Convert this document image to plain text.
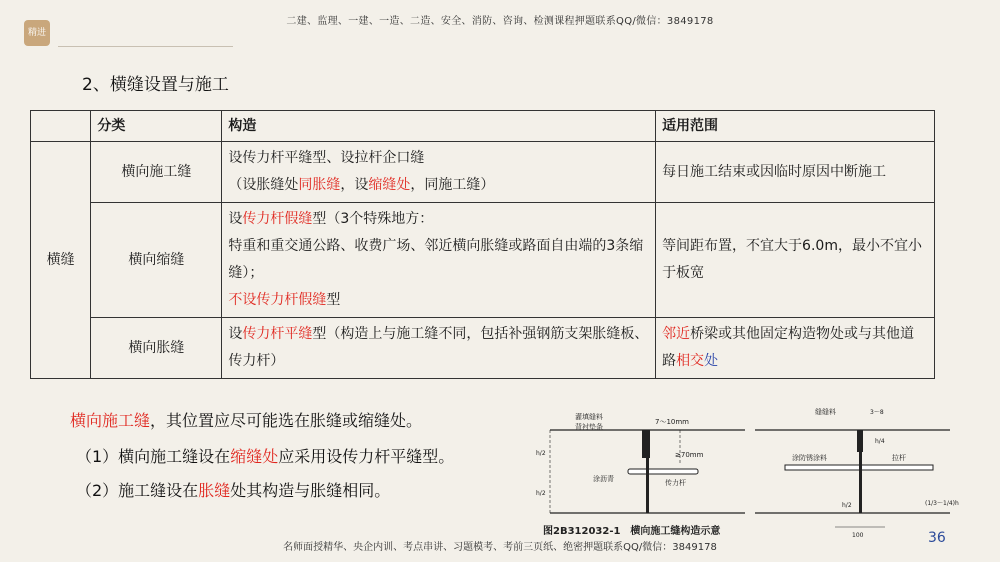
二建、监理、一建、一造、二造、安全、消防、咨询、检测课程押题联系QQ/微信：3849178
精进
2、横缝设置与施工
	分类	构造	适用范围
横缝	横向施工缝	设传力杆平缝型、设拉杆企口缝
（设胀缝处同胀缝，设缩缝处，同施工缝）	每日施工结束或因临时原因中断施工
	横向缩缝	设传力杆假缝型（3个特殊地方：
特重和重交通公路、收费广场、邻近横向胀缝或路面自由端的3条缩缝）；
不设传力杆假缝型	等间距布置，不宜大于6.0m，最小不宜小于板宽
	横向胀缝	设传力杆平缝型（构造上与施工缝不同，包括补强钢筋支架胀缝板、传力杆）	邻近桥梁或其他固定构造物处或与其他道路相交处
横向施工缝，其位置应尽可能选在胀缝或缩缝处。
（1）横向施工缝设在缩缝处应采用设传力杆平缝型。
（2）施工缝设在胀缝处其构造与胀缝相同。
灌填缝料
背衬垫条
7～10mm
≥70mm
涂沥青	传力杆
h/2
h/2
缝缝料	3～8
涂防锈涂料	拉杆
h/4
(1/3～1/4)h
h/2
100
图2B312032-1　横向施工缝构造示意	36
名师面授精华、央企内训、考点串讲、习题模考、考前三页纸、绝密押题联系QQ/微信：3849178
